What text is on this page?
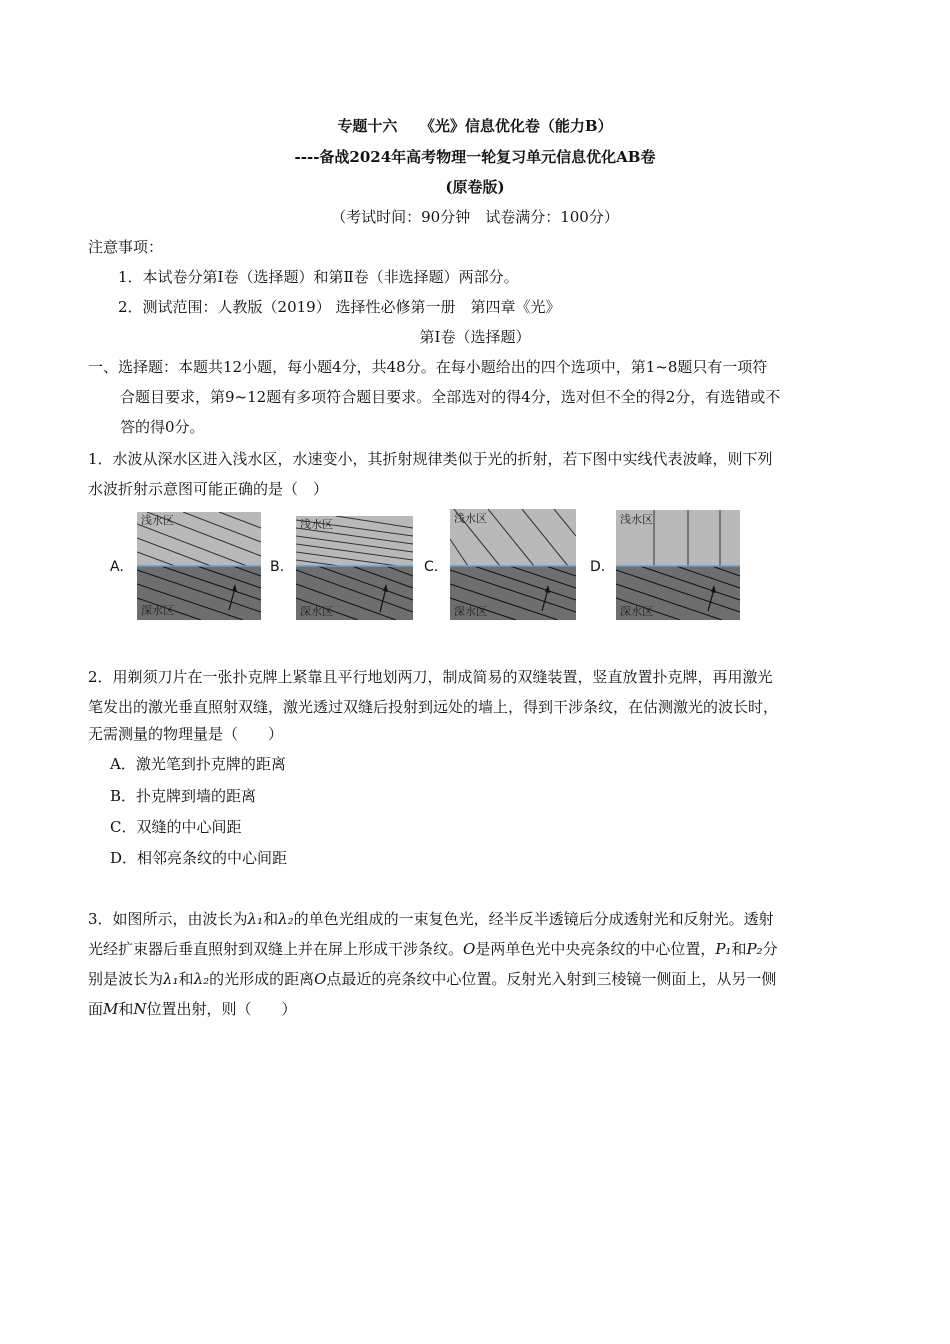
专题十六　　《光》信息优化卷（能力B）
----备战2024年高考物理一轮复习单元信息优化AB卷
(原卷版)
（考试时间：90分钟　试卷满分：100分）
注意事项：
1．本试卷分第Ⅰ卷（选择题）和第Ⅱ卷（非选择题）两部分。
2．测试范围：人教版（2019） 选择性必修第一册　第四章《光》
第Ⅰ卷（选择题）
一、选择题：本题共12小题，每小题4分，共48分。在每小题给出的四个选项中，第1~8题只有一项符
合题目要求，第9~12题有多项符合题目要求。全部选对的得4分，选对但不全的得2分，有选错或不
答的得0分。
1．水波从深水区进入浅水区，水速变小，其折射规律类似于光的折射，若下图中实线代表波峰，则下列
水波折射示意图可能正确的是（　）
A.
浅水区
深水区
B.
浅水区
深水区
C.
浅水区
深水区
D.
浅水区
深水区
2．用剃须刀片在一张扑克牌上紧靠且平行地划两刀，制成简易的双缝装置，竖直放置扑克牌，再用激光
笔发出的激光垂直照射双缝，激光透过双缝后投射到远处的墙上，得到干涉条纹，在估测激光的波长时，
无需测量的物理量是（　　）
A．激光笔到扑克牌的距离
B．扑克牌到墙的距离
C．双缝的中心间距
D．相邻亮条纹的中心间距
3．如图所示，由波长为λ₁和λ₂的单色光组成的一束复色光，经半反半透镜后分成透射光和反射光。透射
光经扩束器后垂直照射到双缝上并在屏上形成干涉条纹。O是两单色光中央亮条纹的中心位置，P₁和P₂分
别是波长为λ₁和λ₂的光形成的距离O点最近的亮条纹中心位置。反射光入射到三棱镜一侧面上，从另一侧
面M和N位置出射，则（　　）
